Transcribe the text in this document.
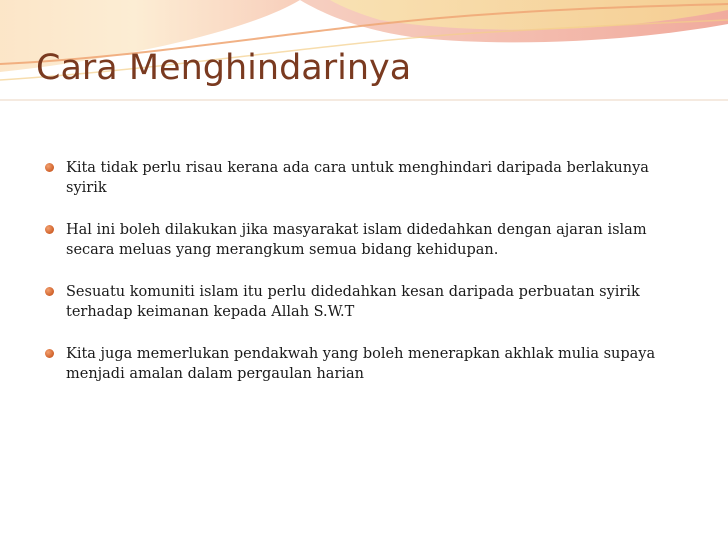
Cara Menghindarinya
Kita tidak perlu risau kerana ada cara untuk menghindari daripada berlakunya syirik
Hal ini boleh dilakukan jika masyarakat islam didedahkan dengan ajaran islam secara meluas yang merangkum semua bidang kehidupan.
Sesuatu komuniti islam itu perlu didedahkan kesan daripada perbuatan syirik terhadap keimanan kepada Allah S.W.T
Kita juga memerlukan pendakwah yang boleh menerapkan akhlak mulia supaya menjadi amalan dalam pergaulan harian
